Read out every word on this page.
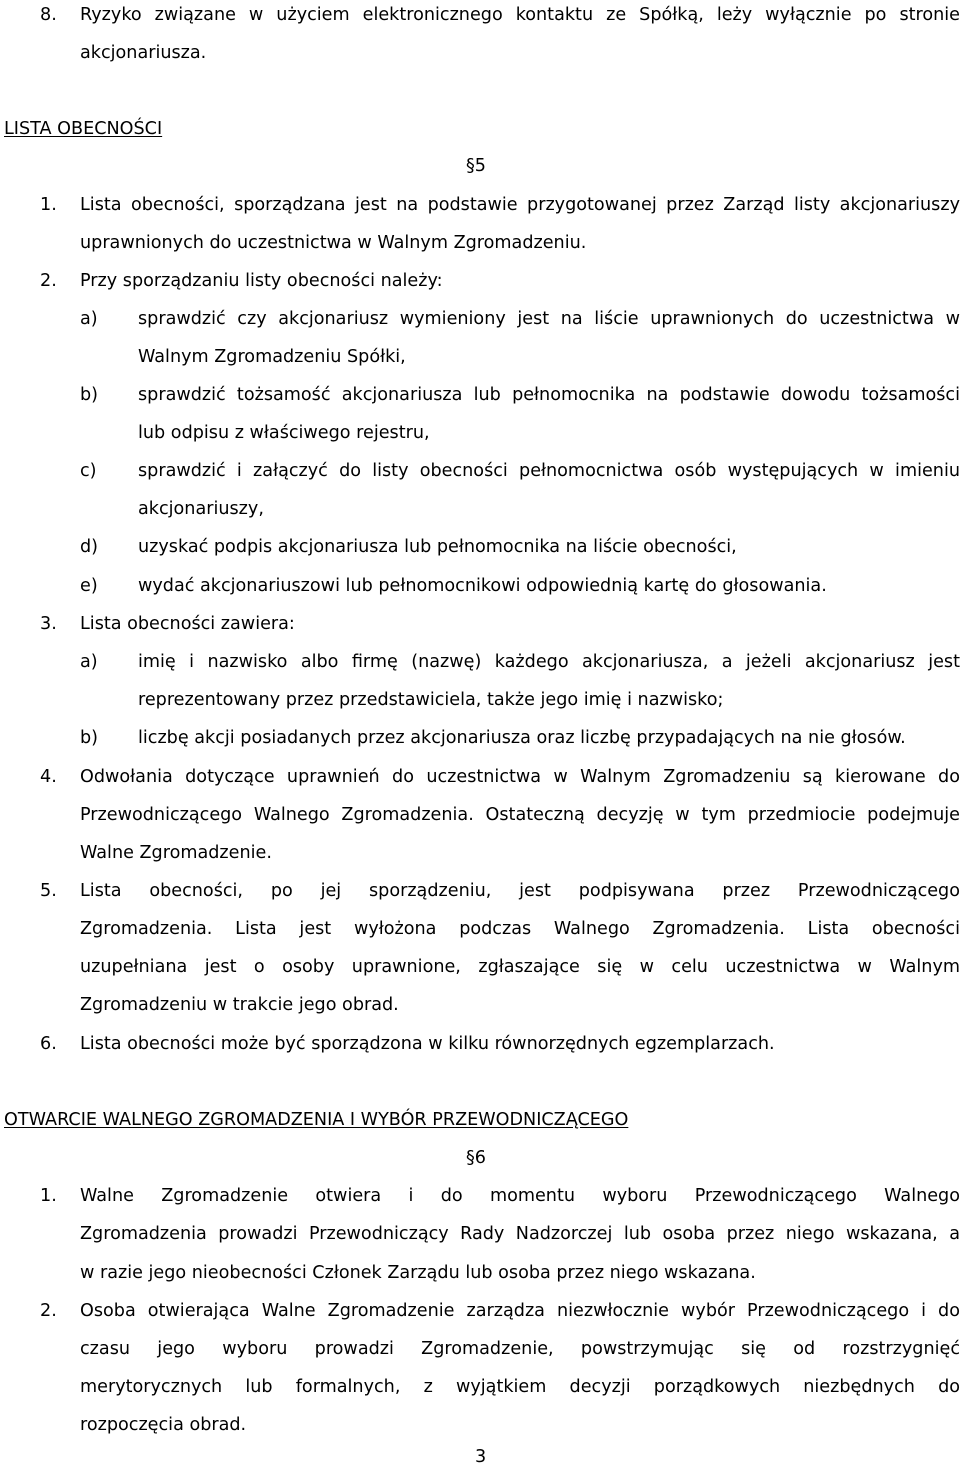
8. Ryzyko związane w użyciem elektronicznego kontaktu ze Spółką, leży wyłącznie po stronie
akcjonariusza.
LISTA OBECNOŚCI
§5
1. Lista obecności, sporządzana jest na podstawie przygotowanej przez Zarząd listy akcjonariuszy
uprawnionych do uczestnictwa w Walnym Zgromadzeniu.
2. Przy sporządzaniu listy obecności należy:
a) sprawdzić czy akcjonariusz wymieniony jest na liście uprawnionych do uczestnictwa w
Walnym Zgromadzeniu Spółki,
b) sprawdzić tożsamość akcjonariusza lub pełnomocnika na podstawie dowodu tożsamości
lub odpisu z właściwego rejestru,
c) sprawdzić i załączyć do listy obecności pełnomocnictwa osób występujących w imieniu
akcjonariuszy,
d) uzyskać podpis akcjonariusza lub pełnomocnika na liście obecności,
e) wydać akcjonariuszowi lub pełnomocnikowi odpowiednią kartę do głosowania.
3. Lista obecności zawiera:
a) imię i nazwisko albo firmę (nazwę) każdego akcjonariusza, a jeżeli akcjonariusz jest
reprezentowany przez przedstawiciela, także jego imię i nazwisko;
b) liczbę akcji posiadanych przez akcjonariusza oraz liczbę przypadających na nie głosów.
4. Odwołania dotyczące uprawnień do uczestnictwa w Walnym Zgromadzeniu są kierowane do
Przewodniczącego Walnego Zgromadzenia. Ostateczną decyzję w tym przedmiocie podejmuje
Walne Zgromadzenie.
5. Lista obecności, po jej sporządzeniu, jest podpisywana przez Przewodniczącego
Zgromadzenia. Lista jest wyłożona podczas Walnego Zgromadzenia. Lista obecności
uzupełniana jest o osoby uprawnione, zgłaszające się w celu uczestnictwa w Walnym
Zgromadzeniu w trakcie jego obrad.
6. Lista obecności może być sporządzona w kilku równorzędnych egzemplarzach.
OTWARCIE WALNEGO ZGROMADZENIA I WYBÓR PRZEWODNICZĄCEGO
§6
1. Walne Zgromadzenie otwiera i do momentu wyboru Przewodniczącego Walnego
Zgromadzenia prowadzi Przewodniczący Rady Nadzorczej lub osoba przez niego wskazana, a
w razie jego nieobecności Członek Zarządu lub osoba przez niego wskazana.
2. Osoba otwierająca Walne Zgromadzenie zarządza niezwłocznie wybór Przewodniczącego i do
czasu jego wyboru prowadzi Zgromadzenie, powstrzymując się od rozstrzygnięć
merytorycznych lub formalnych, z wyjątkiem decyzji porządkowych niezbędnych do
rozpoczęcia obrad.
3
